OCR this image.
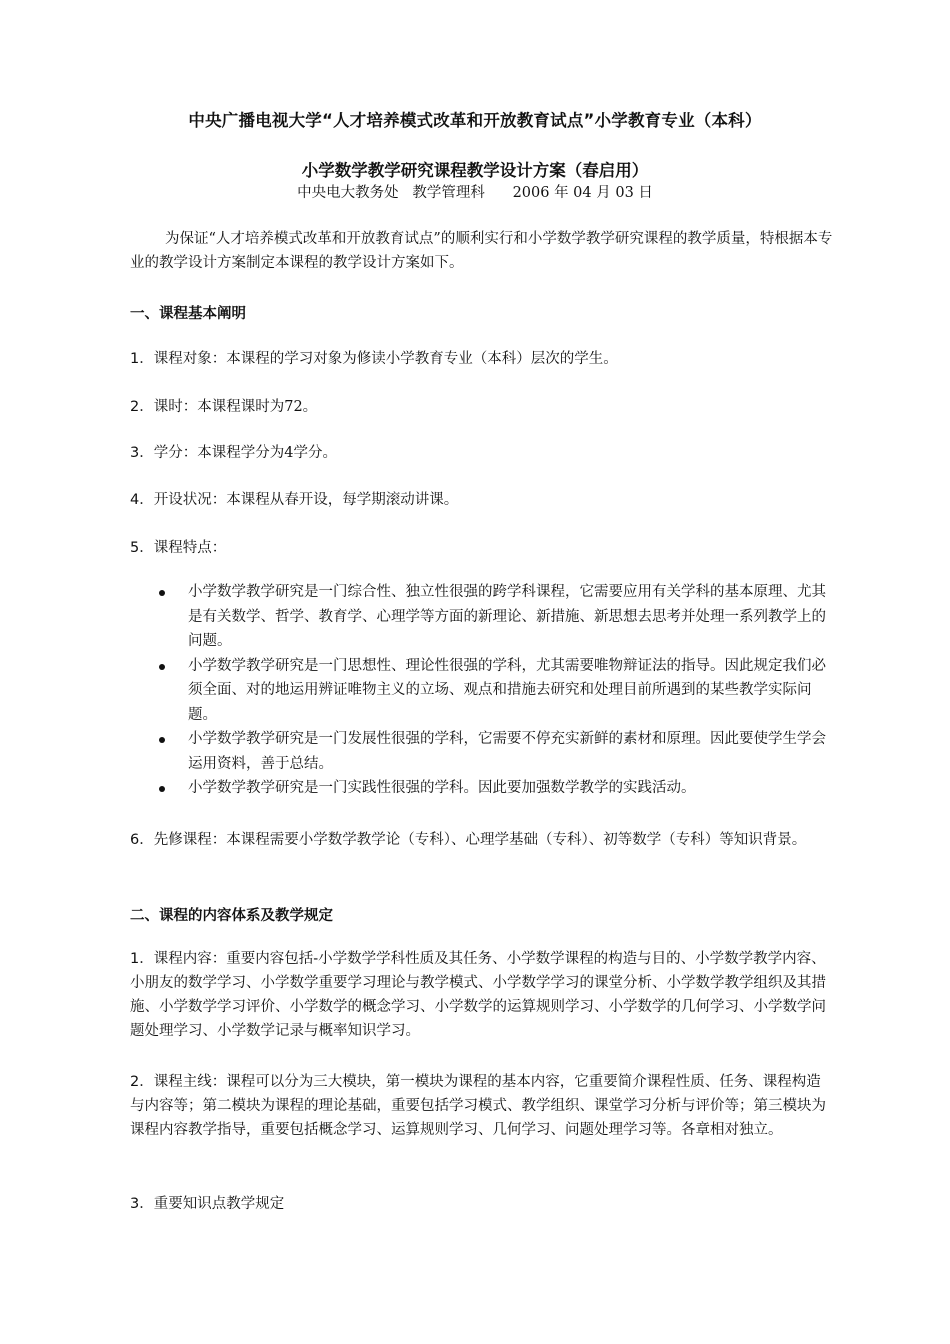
中央广播电视大学“人才培养模式改革和开放教育试点”小学教育专业（本科）
小学数学教学研究课程教学设计方案（春启用）
中央电大教务处 教学管理科 2006 年 04 月 03 日
为保证“人才培养模式改革和开放教育试点”的顺利实行和小学数学教学研究课程的教学质量，特根据本专业的教学设计方案制定本课程的教学设计方案如下。
一、课程基本阐明
1．课程对象：本课程的学习对象为修读小学教育专业（本科）层次的学生。
2．课时：本课程课时为72。
3．学分：本课程学分为4学分。
4．开设状况：本课程从春开设，每学期滚动讲课。
5．课程特点：
小学数学教学研究是一门综合性、独立性很强的跨学科课程，它需要应用有关学科的基本原理、尤其是有关数学、哲学、教育学、心理学等方面的新理论、新措施、新思想去思考并处理一系列教学上的问题。
小学数学教学研究是一门思想性、理论性很强的学科，尤其需要唯物辩证法的指导。因此规定我们必须全面、对的地运用辨证唯物主义的立场、观点和措施去研究和处理目前所遇到的某些教学实际问题。
小学数学教学研究是一门发展性很强的学科，它需要不停充实新鲜的素材和原理。因此要使学生学会运用资料，善于总结。
小学数学教学研究是一门实践性很强的学科。因此要加强数学教学的实践活动。
6．先修课程：本课程需要小学数学教学论（专科）、心理学基础（专科）、初等数学（专科）等知识背景。
二、课程的内容体系及教学规定
1．课程内容：重要内容包括-小学数学学科性质及其任务、小学数学课程的构造与目的、小学数学教学内容、小朋友的数学学习、小学数学重要学习理论与教学模式、小学数学学习的课堂分析、小学数学教学组织及其措施、小学数学学习评价、小学数学的概念学习、小学数学的运算规则学习、小学数学的几何学习、小学数学问题处理学习、小学数学记录与概率知识学习。
2．课程主线：课程可以分为三大模块，第一模块为课程的基本内容，它重要简介课程性质、任务、课程构造与内容等；第二模块为课程的理论基础，重要包括学习模式、教学组织、课堂学习分析与评价等；第三模块为课程内容教学指导，重要包括概念学习、运算规则学习、几何学习、问题处理学习等。各章相对独立。
3．重要知识点教学规定
